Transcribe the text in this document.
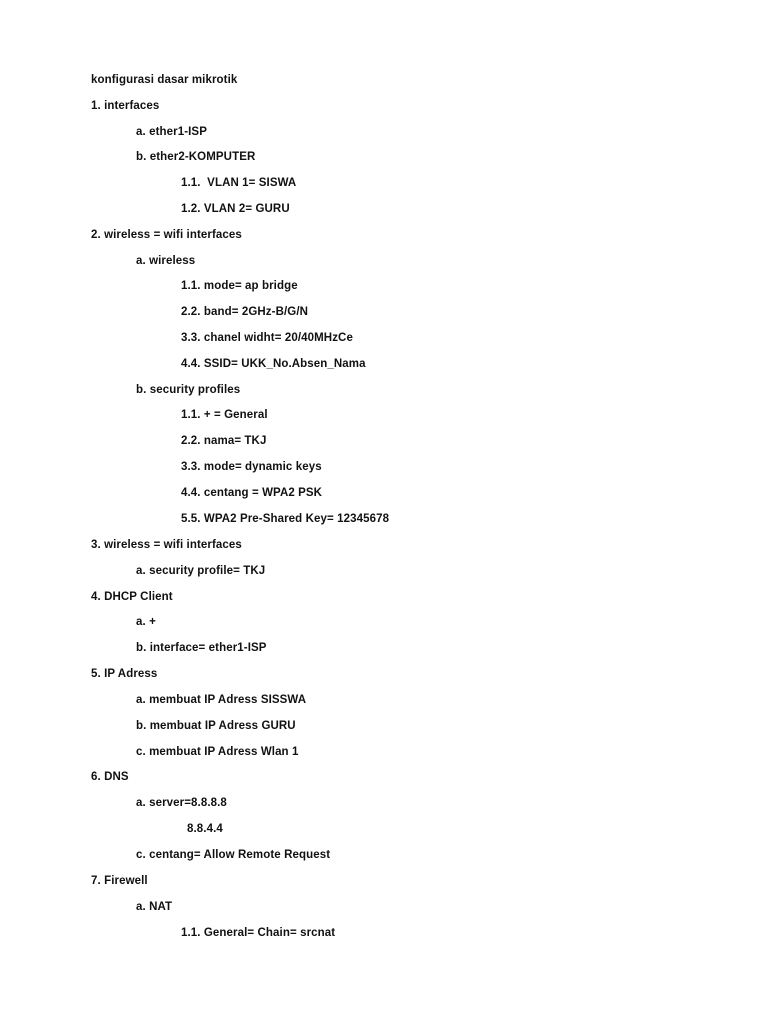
konfigurasi dasar mikrotik
1. interfaces
a. ether1-ISP
b. ether2-KOMPUTER
1.1.  VLAN 1= SISWA
1.2. VLAN 2= GURU
2. wireless = wifi interfaces
a. wireless
1.1. mode= ap bridge
2.2. band= 2GHz-B/G/N
3.3. chanel widht= 20/40MHzCe
4.4. SSID= UKK_No.Absen_Nama
b. security profiles
1.1. + = General
2.2. nama= TKJ
3.3. mode= dynamic keys
4.4. centang = WPA2 PSK
5.5. WPA2 Pre-Shared Key= 12345678
3. wireless = wifi interfaces
a. security profile= TKJ
4. DHCP Client
a. +
b. interface= ether1-ISP
5. IP Adress
a. membuat IP Adress SISSWA
b. membuat IP Adress GURU
c. membuat IP Adress Wlan 1
6. DNS
a. server=8.8.8.8
8.8.4.4
c. centang= Allow Remote Request
7. Firewell
a. NAT
1.1. General= Chain= srcnat
